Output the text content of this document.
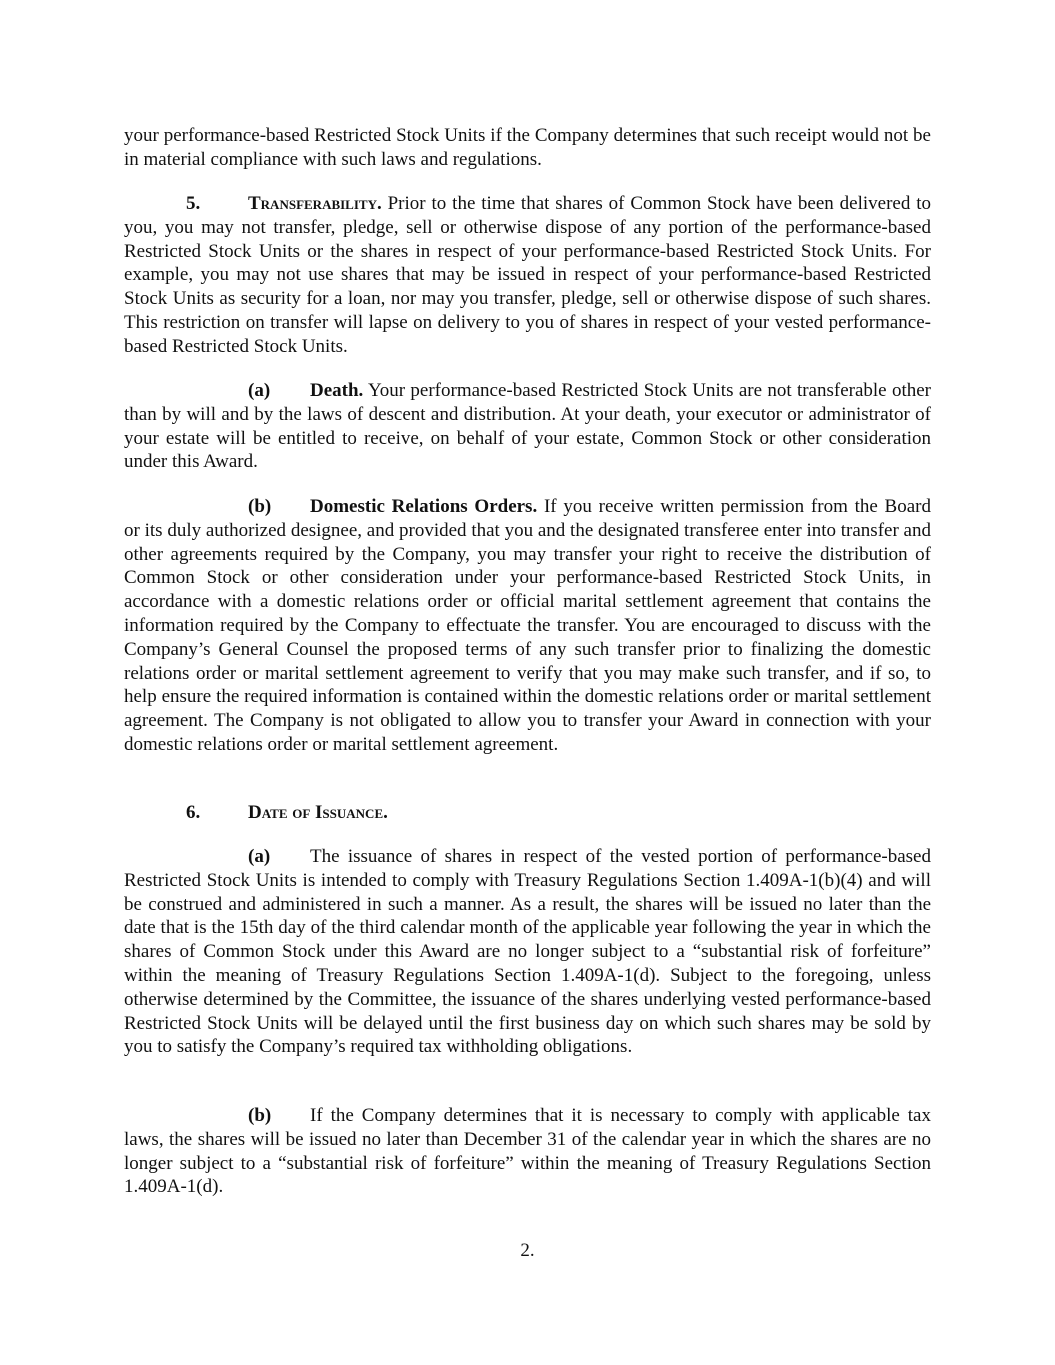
your performance-based Restricted Stock Units if the Company determines that such receipt would not be in material compliance with such laws and regulations.

5.	Transferability. Prior to the time that shares of Common Stock have been delivered to you, you may not transfer, pledge, sell or otherwise dispose of any portion of the performance-based Restricted Stock Units or the shares in respect of your performance-based Restricted Stock Units. For example, you may not use shares that may be issued in respect of your performance-based Restricted Stock Units as security for a loan, nor may you transfer, pledge, sell or otherwise dispose of such shares. This restriction on transfer will lapse on delivery to you of shares in respect of your vested performance-based Restricted Stock Units.

(a) Death. Your performance-based Restricted Stock Units are not transferable other than by will and by the laws of descent and distribution. At your death, your executor or administrator of your estate will be entitled to receive, on behalf of your estate, Common Stock or other consideration under this Award.

(b) Domestic Relations Orders. If you receive written permission from the Board or its duly authorized designee, and provided that you and the designated transferee enter into transfer and other agreements required by the Company, you may transfer your right to receive the distribution of Common Stock or other consideration under your performance-based Restricted Stock Units, in accordance with a domestic relations order or official marital settlement agreement that contains the information required by the Company to effectuate the transfer. You are encouraged to discuss with the Company’s General Counsel the proposed terms of any such transfer prior to finalizing the domestic relations order or marital settlement agreement to verify that you may make such transfer, and if so, to help ensure the required information is contained within the domestic relations order or marital settlement agreement. The Company is not obligated to allow you to transfer your Award in connection with your domestic relations order or marital settlement agreement.

6.	Date of Issuance.

(a) The issuance of shares in respect of the vested portion of performance-based Restricted Stock Units is intended to comply with Treasury Regulations Section 1.409A-1(b)(4) and will be construed and administered in such a manner. As a result, the shares will be issued no later than the date that is the 15th day of the third calendar month of the applicable year following the year in which the shares of Common Stock under this Award are no longer subject to a “substantial risk of forfeiture” within the meaning of Treasury Regulations Section 1.409A-1(d). Subject to the foregoing, unless otherwise determined by the Committee, the issuance of the shares underlying vested performance-based Restricted Stock Units will be delayed until the first business day on which such shares may be sold by you to satisfy the Company’s required tax withholding obligations.

(b) If the Company determines that it is necessary to comply with applicable tax laws, the shares will be issued no later than December 31 of the calendar year in which the shares are no longer subject to a “substantial risk of forfeiture” within the meaning of Treasury Regulations Section 1.409A-1(d).

2.
